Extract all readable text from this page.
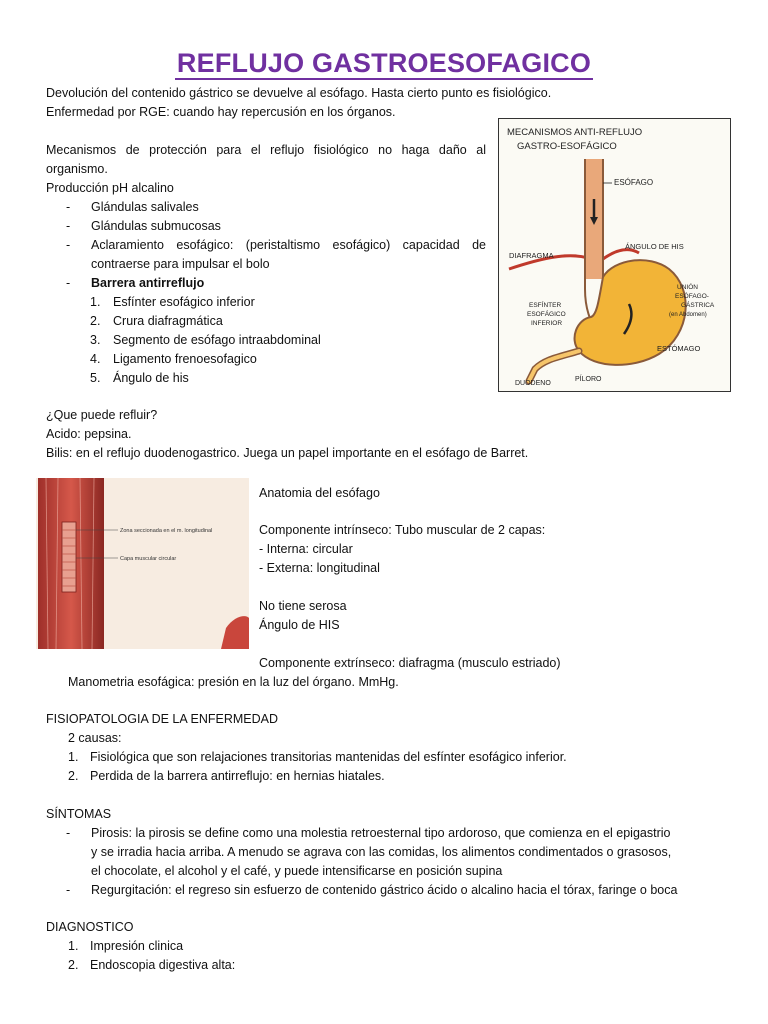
REFLUJO GASTROESOFAGICO
Devolución del contenido gástrico se devuelve al esófago. Hasta cierto punto es fisiológico.
Enfermedad por RGE: cuando hay repercusión en los órganos.
Mecanismos de protección para el reflujo fisiológico no haga daño al organismo.
Producción pH alcalino
- Glándulas salivales
- Glándulas submucosas
- Aclaramiento esofágico: (peristaltismo esofágico) capacidad de contraerse para impulsar el bolo
- Barrera antirreflujo
1. Esfínter esofágico inferior
2. Crura diafragmática
3. Segmento de esófago intraabdominal
4. Ligamento frenoesofagico
5. Ángulo de his
MECANISMOS ANTI-REFLUJO
GASTRO-ESOFÁGICO
ESÓFAGO
ÁNGULO DE HIS
DIAFRAGMA
UNIÓN
ESÓFAGO-
GÁSTRICA
(en Abdomen)
ESFÍNTER
ESOFÁGICO
INFERIOR
ESTÓMAGO
DUODENO
PÍLORO
¿Que puede refluir?
Acido: pepsina.
Bilis: en el reflujo duodenogastrico. Juega un papel importante en el esófago de Barret.
Zona seccionada en el m. longitudinal
Capa muscular circular
Anatomia del esófago
Componente intrínseco: Tubo muscular de 2 capas:
- Interna: circular
- Externa: longitudinal
No tiene serosa
Ángulo de HIS
Componente extrínseco: diafragma (musculo estriado)
Manometria esofágica: presión en la luz del órgano. MmHg.
FISIOPATOLOGIA DE LA ENFERMEDAD
2 causas:
1. Fisiológica que son relajaciones transitorias mantenidas del esfínter esofágico inferior.
2. Perdida de la barrera antirreflujo: en hernias hiatales.
SÍNTOMAS
- Pirosis: la pirosis se define como una molestia retroesternal tipo ardoroso, que comienza en el epigastrio
y se irradia hacia arriba. A menudo se agrava con las comidas, los alimentos condimentados o grasosos,
el chocolate, el alcohol y el café, y puede intensificarse en posición supina
- Regurgitación: el regreso sin esfuerzo de contenido gástrico ácido o alcalino hacia el tórax, faringe o boca
DIAGNOSTICO
1. Impresión clinica
2. Endoscopia digestiva alta:
